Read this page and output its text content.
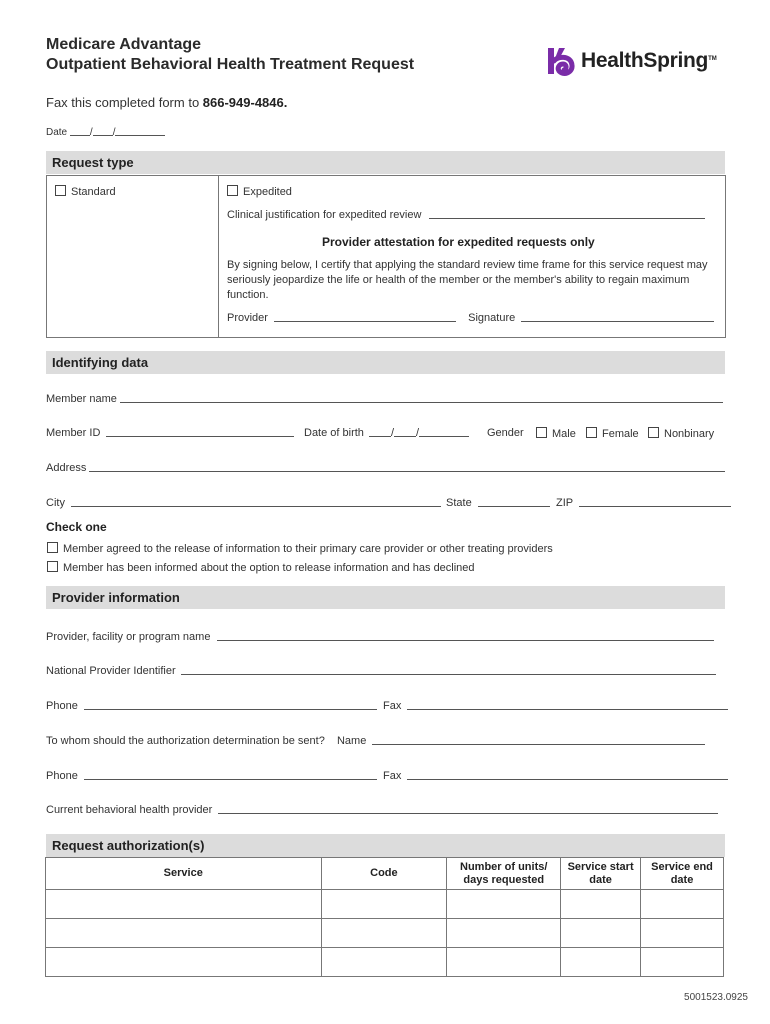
Medicare Advantage
Outpatient Behavioral Health Treatment Request	HealthSpring TM
Fax this completed form to 866-949-4846.
Date / /
Request type
Standard	Expedited
Clinical justification for expedited review
Provider attestation for expedited requests only
By signing below, I certify that applying the standard review time frame for this service request may seriously jeopardize the life or health of the member or the member's ability to regain maximum function.
Provider	Signature
Identifying data
Member name
Member ID	Date of birth / /	Gender	Male	Female	Nonbinary
Address
City	State	ZIP
Check one
Member agreed to the release of information to their primary care provider or other treating providers
Member has been informed about the option to release information and has declined
Provider information
Provider, facility or program name
National Provider Identifier
Phone	Fax
To whom should the authorization determination be sent? Name
Phone	Fax
Current behavioral health provider
Request authorization(s)
Service	Code	Number of units/ days requested	Service start date	Service end date

5001523.0925
